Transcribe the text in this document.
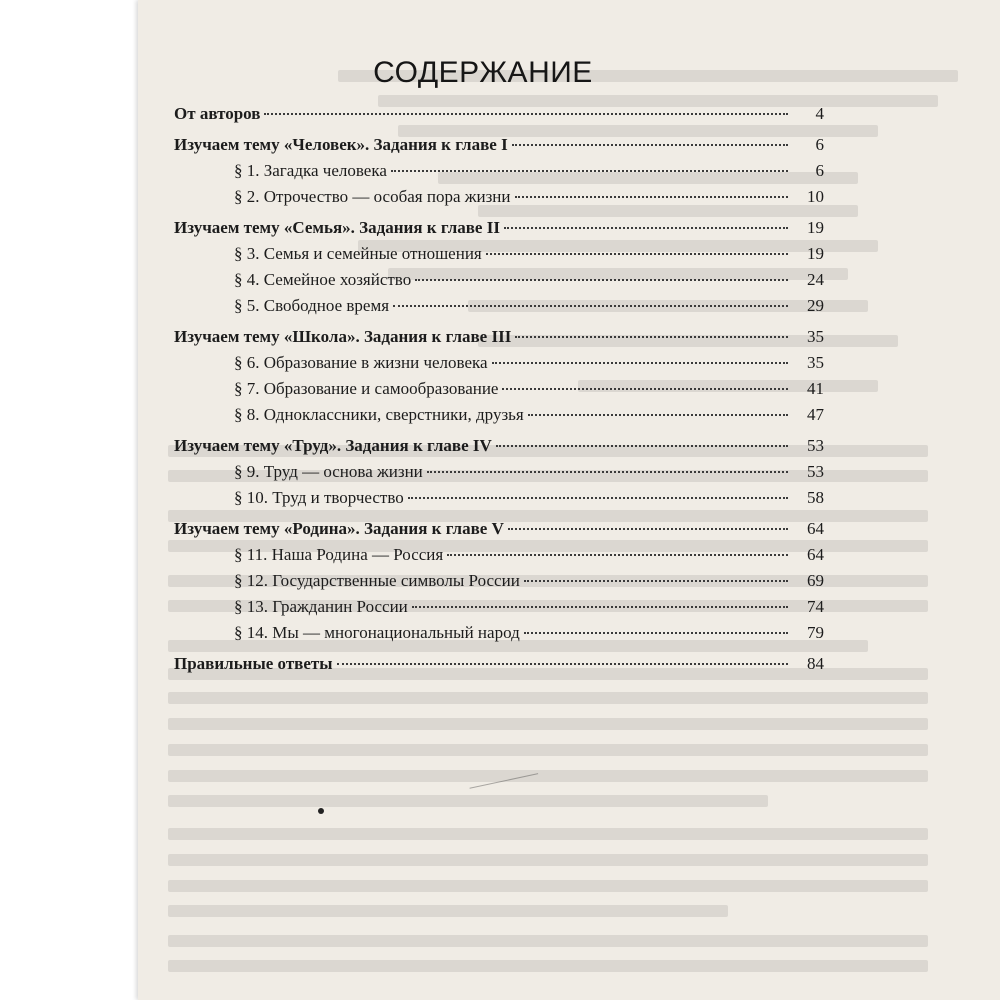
СОДЕРЖАНИЕ
От авторов	4
Изучаем тему «Человек». Задания к главе I	6
§ 1. Загадка человека	6
§ 2. Отрочество — особая пора жизни	10
Изучаем тему «Семья». Задания к главе II	19
§ 3. Семья и семейные отношения	19
§ 4. Семейное хозяйство	24
§ 5. Свободное время	29
Изучаем тему «Школа». Задания к главе III	35
§ 6. Образование в жизни человека	35
§ 7. Образование и самообразование	41
§ 8. Одноклассники, сверстники, друзья	47
Изучаем тему «Труд». Задания к главе IV	53
§ 9. Труд — основа жизни	53
§ 10. Труд и творчество	58
Изучаем тему «Родина». Задания к главе V	64
§ 11. Наша Родина — Россия	64
§ 12. Государственные символы России	69
§ 13. Гражданин России	74
§ 14. Мы — многонациональный народ	79
Правильные ответы	84
